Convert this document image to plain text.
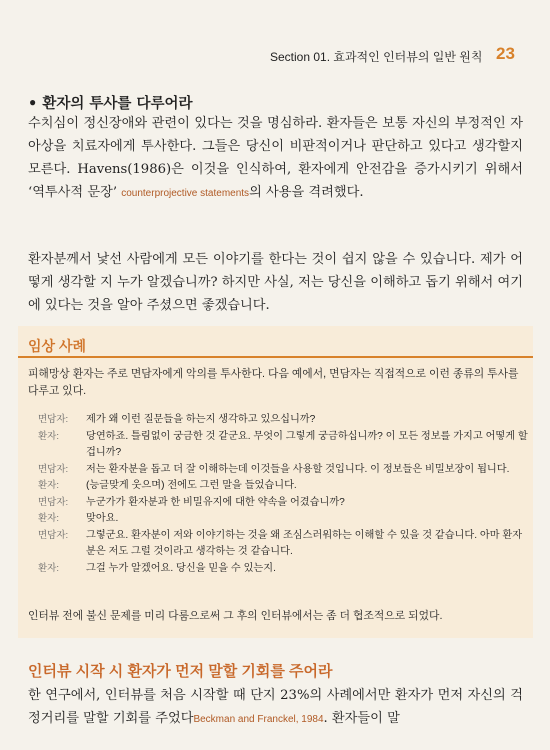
Section 01. 효과적인 인터뷰의 일반 원칙 23
• 환자의 투사를 다루어라
수치심이 정신장애와 관련이 있다는 것을 명심하라. 환자들은 보통 자신의 부정적인 자아상을 치료자에게 투사한다. 그들은 당신이 비판적이거나 판단하고 있다고 생각할지 모른다. Havens(1986)은 이것을 인식하여, 환자에게 안전감을 증가시키기 위해서 ‘역투사적 문장’ counterprojective statements의 사용을 격려했다.
환자분께서 낯선 사람에게 모든 이야기를 한다는 것이 쉽지 않을 수 있습니다. 제가 어떻게 생각할 지 누가 알겠습니까? 하지만 사실, 저는 당신을 이해하고 돕기 위해서 여기에 있다는 것을 알아 주셨으면 좋겠습니다.
임상 사례
피해망상 환자는 주로 면담자에게 악의를 투사한다. 다음 예에서, 면담자는 직접적으로 이런 종류의 투사를 다루고 있다.
면담자:	제가 왜 이런 질문들을 하는지 생각하고 있으십니까?
환자:	당연하죠. 틀림없이 궁금한 것 같군요. 무엇이 그렇게 궁금하십니까? 이 모든 정보를 가지고 어떻게 할 겁니까?
면담자:	저는 환자분을 돕고 더 잘 이해하는데 이것들을 사용할 것입니다. 이 정보들은 비밀보장이 됩니다.
환자:	(능글맞게 웃으며) 전에도 그런 말을 들었습니다.
면담자:	누군가가 환자분과 한 비밀유지에 대한 약속을 어겼습니까?
환자:	맞아요.
면담자:	그렇군요. 환자분이 저와 이야기하는 것을 왜 조심스러워하는 이해할 수 있을 것 같습니다. 아마 환자분은 저도 그럴 것이라고 생각하는 것 같습니다.
환자:	그걸 누가 알겠어요. 당신을 믿을 수 있는지.
인터뷰 전에 불신 문제를 미리 다룸으로써 그 후의 인터뷰에서는 좀 더 협조적으로 되었다.
인터뷰 시작 시 환자가 먼저 말할 기회를 주어라
한 연구에서, 인터뷰를 처음 시작할 때 단지 23%의 사례에서만 환자가 먼저 자신의 걱정거리를 말할 기회를 주었다Beckman and Franckel, 1984. 환자들이 말
